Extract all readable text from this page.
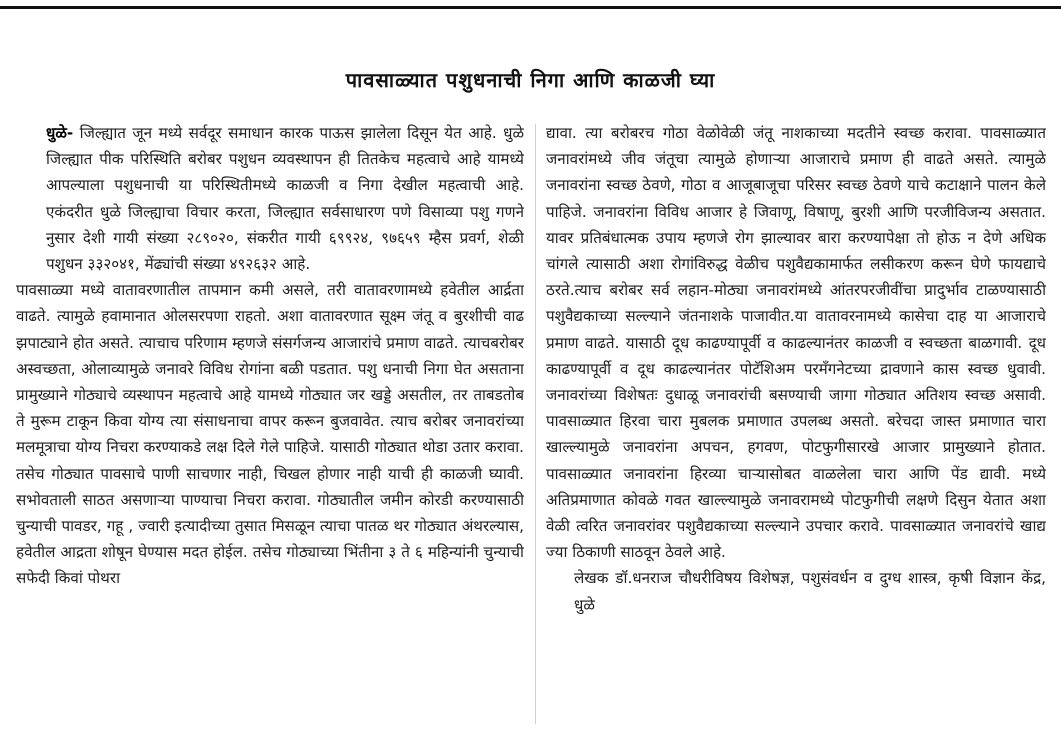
पावसाळ्यात पशुधनाची निगा आणि काळजी घ्या

धुळे- जिल्ह्यात जून मध्ये सर्वदूर समाधान कारक पाऊस झालेला दिसून येत आहे. धुळे जिल्ह्यात पीक परिस्थिति बरोबर पशुधन व्यवस्थापन ही तितकेच महत्वाचे आहे यामध्ये आपल्याला पशुधनाची या परिस्थितीमध्ये काळजी व निगा देखील महत्वाची आहे. एकंदरीत धुळे जिल्ह्याचा विचार करता, जिल्ह्यात सर्वसाधारण पणे विसाव्या पशु गणने नुसार देशी गायी संख्या २८९०२०, संकरीत गायी ६९९२४, ९७६५९ म्हैस प्रवर्ग, शेळी पशुधन ३३२०४१, मेंढ्यांची संख्या ४९२६३२ आहे.

पावसाळ्या मध्ये वातावरणातील तापमान कमी असले, तरी वातावरणामध्ये हवेतील आर्द्रता वाढते. त्यामुळे हवामानात ओलसरपणा राहतो. अशा वातावरणात सूक्ष्म जंतू व बुरशीची वाढ झपाट्याने होत असते. त्याचाच परिणाम म्हणजे संसर्गजन्य आजारांचे प्रमाण वाढते. त्याचबरोबर अस्वच्छता, ओलाव्यामुळे जनावरे विविध रोगांना बळी पडतात. पशु धनाची निगा घेत असताना प्रामुख्याने गोठ्याचे व्यस्थापन महत्वाचे आहे यामध्ये गोठ्यात जर खड्डे असतील, तर ताबडतोब ते मुरूम टाकून किवा योग्य त्या संसाधनाचा वापर करून बुजवावेत. त्याच बरोबर जनावरांच्या मलमूत्राचा योग्य निचरा करण्याकडे लक्ष दिले गेले पाहिजे. यासाठी गोठ्यात थोडा उतार करावा. तसेच गोठ्यात पावसाचे पाणी साचणार नाही, चिखल होणार नाही याची ही काळजी घ्यावी. सभोवताली साठत असणाऱ्या पाण्याचा निचरा करावा. गोठ्यातील जमीन कोरडी करण्यासाठी चुन्याची पावडर, गहू , ज्वारी इत्यादीच्या तुसात मिसळून त्याचा पातळ थर गोठ्यात अंथरल्यास, हवेतील आद्रता शोषून घेण्यास मदत होईल. तसेच गोठ्याच्या भिंतीना ३ ते ६ महिन्यांनी चुन्याची सफेदी किवां पोथरा

द्यावा. त्या बरोबरच गोठा वेळोवेळी जंतू नाशकाच्या मदतीने स्वच्छ करावा. पावसाळ्यात जनावरांमध्ये जीव जंतूचा त्यामुळे होणाऱ्या आजाराचे प्रमाण ही वाढते असते. त्यामुळे जनावरांना स्वच्छ ठेवणे, गोठा व आजूबाजूचा परिसर स्वच्छ ठेवणे याचे कटाक्षाने पालन केले पाहिजे. जनावरांना विविध आजार हे जिवाणू, विषाणू, बुरशी आणि परजीविजन्य असतात. यावर प्रतिबंधात्मक उपाय म्हणजे रोग झाल्यावर बारा करण्यापेक्षा तो होऊ न देणे अधिक चांगले त्यासाठी अशा रोगांविरुद्ध वेळीच पशुवैद्यकामार्फत लसीकरण करून घेणे फायद्याचे ठरते.त्याच बरोबर सर्व लहान-मोठ्या जनावरांमध्ये आंतरपरजीवींचा प्रादुर्भाव टाळण्यासाठी पशुवैद्यकाच्या सल्ल्याने जंतनाशके पाजावीत.या वातावरनामध्ये कासेचा दाह या आजाराचे प्रमाण वाढते. यासाठी दूध काढण्यापूर्वी व काढल्यानंतर काळजी व स्वच्छता बाळगावी. दूध काढण्यापूर्वी व दूध काढल्यानंतर पोटॅशिअम परमँगनेटच्या द्रावणाने कास स्वच्छ धुवावी. जनावरांच्या विशेषतः दुधाळू जनावरांची बसण्याची जागा गोठ्यात अतिशय स्वच्छ असावी. पावसाळ्यात हिरवा चारा मुबलक प्रमाणात उपलब्ध असतो. बरेचदा जास्त प्रमाणात चारा खाल्ल्यामुळे जनावरांना अपचन, हगवण, पोटफुगीसारखे आजार प्रामुख्याने होतात. पावसाळ्यात जनावरांना हिरव्या चाऱ्यासोबत वाळलेला चारा आणि पेंड द्यावी. मध्ये अतिप्रमाणात कोवळे गवत खाल्ल्यामुळे जनावरामध्ये पोटफुगीची लक्षणे दिसुन येतात अशा वेळी त्वरित जनावरांवर पशुवैद्यकाच्या सल्ल्याने उपचार करावे. पावसाळ्यात जनावरांचे खाद्य ज्या ठिकाणी साठवून ठेवले आहे.

लेखक डॉ.धनराज चौधरीविषय विशेषज्ञ, पशुसंवर्धन व दुग्ध शास्त्र, कृषी विज्ञान केंद्र, धुळे
